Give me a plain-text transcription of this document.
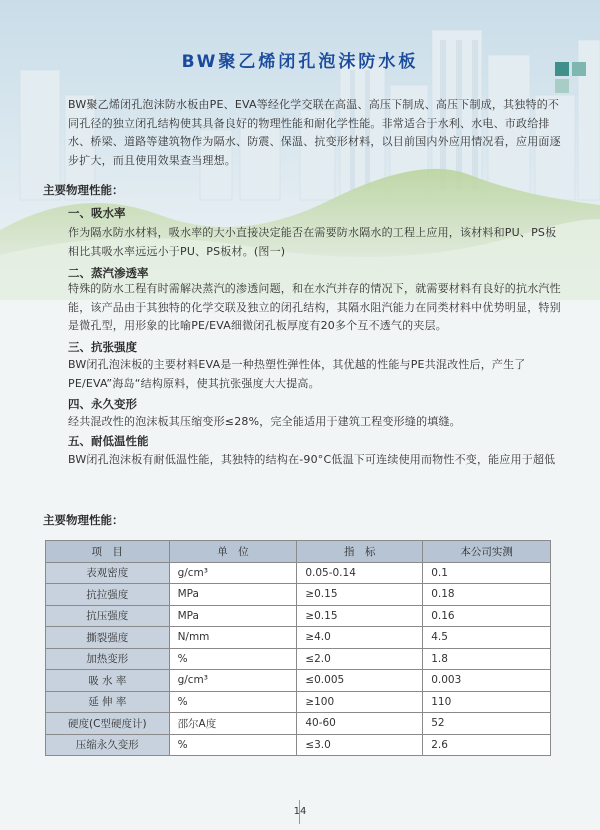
BW聚乙烯闭孔泡沫防水板

BW聚乙烯闭孔泡沫防水板由PE、EVA等经化学交联在高温、高压下制成、高压下制成，其独特的不同孔径的独立闭孔结构使其具备良好的物理性能和耐化学性能。非常适合于水利、水电、市政给排水、桥梁、道路等建筑物作为隔水、防震、保温、抗变形材料，以目前国内外应用情况看，应用面逐步扩大，而且使用效果查当理想。

主要物理性能：
一、吸水率

作为隔水防水材料，吸水率的大小直接决定能否在需要防水隔水的工程上应用，该材料和PU、PS板相比其吸水率远远小于PU、PS板材。(图一)

二、蒸汽渗透率

特殊的防水工程有时需解决蒸汽的渗透问题，和在水汽并存的情况下，就需要材料有良好的抗水汽性能，该产品由于其独特的化学交联及独立的闭孔结构，其隔水阻汽能力在同类材料中优势明显，特别是微孔型，用形象的比喻PE/EVA细微闭孔板厚度有20多个互不透气的夹层。

三、抗张强度

BW闭孔泡沫板的主要材料EVA是一种热塑性弹性体，其优越的性能与PE共混改性后，产生了PE/EVA”海岛“结构原料，使其抗张强度大大提高。

四、永久变形

经共混改性的泡沫板其压缩变形≤28%，完全能适用于建筑工程变形缝的填缝。

五、耐低温性能

BW闭孔泡沫板有耐低温性能，其独特的结构在-90°C低温下可连续使用而物性不变，能应用于超低

主要物理性能：
项　目	单　位	指　标	本公司实测
表观密度	g/cm³	0.05-0.14	0.1
抗拉强度	MPa	≥0.15	0.18
抗压强度	MPa	≥0.15	0.16
撕裂强度	N/mm	≥4.0	4.5
加热变形	%	≤2.0	1.8
吸 水 率	g/cm³	≤0.005	0.003
延 伸 率	%	≥100	110
硬度(C型硬度计)	邵尔A度	40-60	52
压缩永久变形	%	≤3.0	2.6
14
